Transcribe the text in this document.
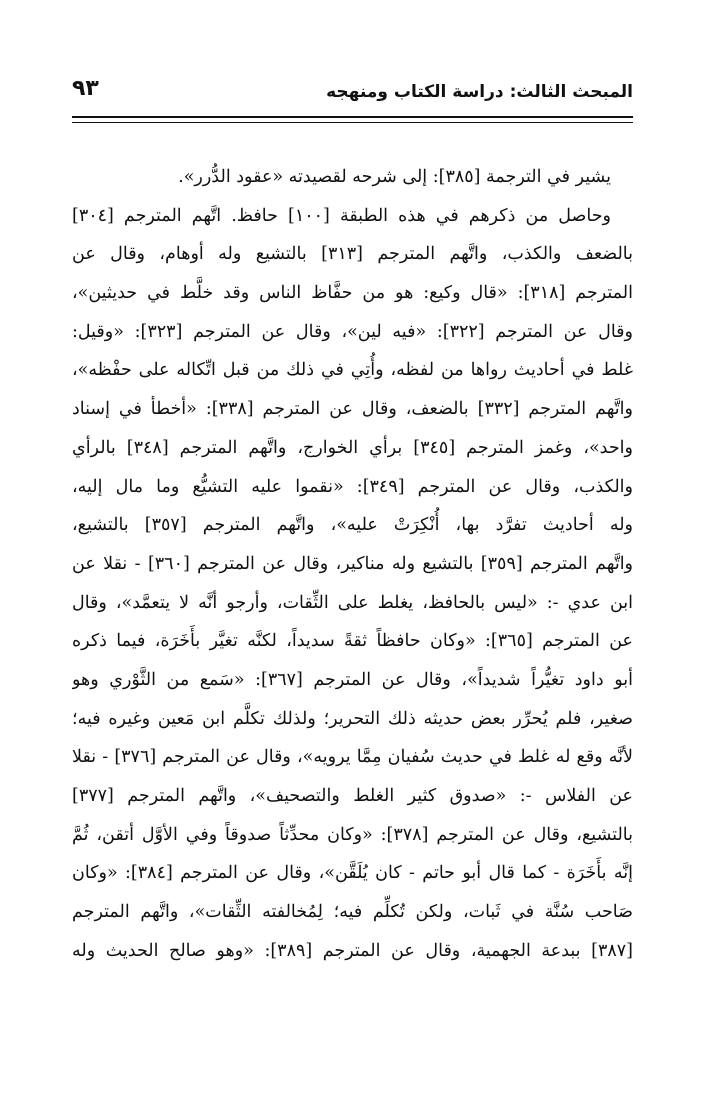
المبحث الثالث: دراسة الكتاب ومنهجه
٩٣
يشير في الترجمة [٣٨٥]: إلى شرحه لقصيدته «عقود الدُّرر».
وحاصل من ذكرهم في هذه الطبقة [١٠٠] حافظ. اتَّهم المترجم [٣٠٤]
بالضعف والكذب، واتَّهم المترجم [٣١٣] بالتشيع وله أوهام، وقال عن
المترجم [٣١٨]: «قال وكيع: هو من حفَّاظ الناس وقد خلَّط في حديثين»،
وقال عن المترجم [٣٢٢]: «فيه لين»، وقال عن المترجم [٣٢٣]: «وقيل:
غلط في أحاديث رواها من لفظه، وأُتِي في ذلك من قبل اتِّكاله على حفْظه»،
واتَّهم المترجم [٣٣٢] بالضعف، وقال عن المترجم [٣٣٨]: «أخطأ في إسناد
واحد»، وغمز المترجم [٣٤٥] برأي الخوارج، واتَّهم المترجم [٣٤٨] بالرأي
والكذب، وقال عن المترجم [٣٤٩]: «نقموا عليه التشيُّع وما مال إليه،
وله أحاديث تفرَّد بها، أُنْكِرَتْ عليه»، واتَّهم المترجم [٣٥٧] بالتشيع،
واتَّهم المترجم [٣٥٩] بالتشيع وله مناكير، وقال عن المترجم [٣٦٠] - نقلا عن
ابن عدي -: «ليس بالحافظ، يغلط على الثِّقات، وأرجو أنَّه لا يتعمَّد»، وقال
عن المترجم [٣٦٥]: «وكان حافظاً ثقةً سديداً، لكنَّه تغيَّر بأَخَرَة، فيما ذكره
أبو داود تغيُّراً شديداً»، وقال عن المترجم [٣٦٧]: «سَمع من الثَّوْري وهو
صغير، فلم يُحرِّر بعض حديثه ذلك التحرير؛ ولذلك تكلَّم ابن مَعين وغيره فيه؛
لأنَّه وقع له غلط في حديث سُفيان مِمَّا يرويه»، وقال عن المترجم [٣٧٦] - نقلا
عن الفلاس -: «صدوق كثير الغلط والتصحيف»، واتَّهم المترجم [٣٧٧]
بالتشيع، وقال عن المترجم [٣٧٨]: «وكان محدِّثاً صدوقاً وفي الأوَّل أتقن، ثُمَّ
إنَّه بأَخَرَة - كما قال أبو حاتم - كان يُلَقَّن»، وقال عن المترجم [٣٨٤]: «وكان
صَاحب سُنَّة في ثَبات، ولكن تُكلِّم فيه؛ لِمُخالفته الثِّقات»، واتَّهم المترجم
[٣٨٧] ببدعة الجهمية، وقال عن المترجم [٣٨٩]: «وهو صالح الحديث وله
